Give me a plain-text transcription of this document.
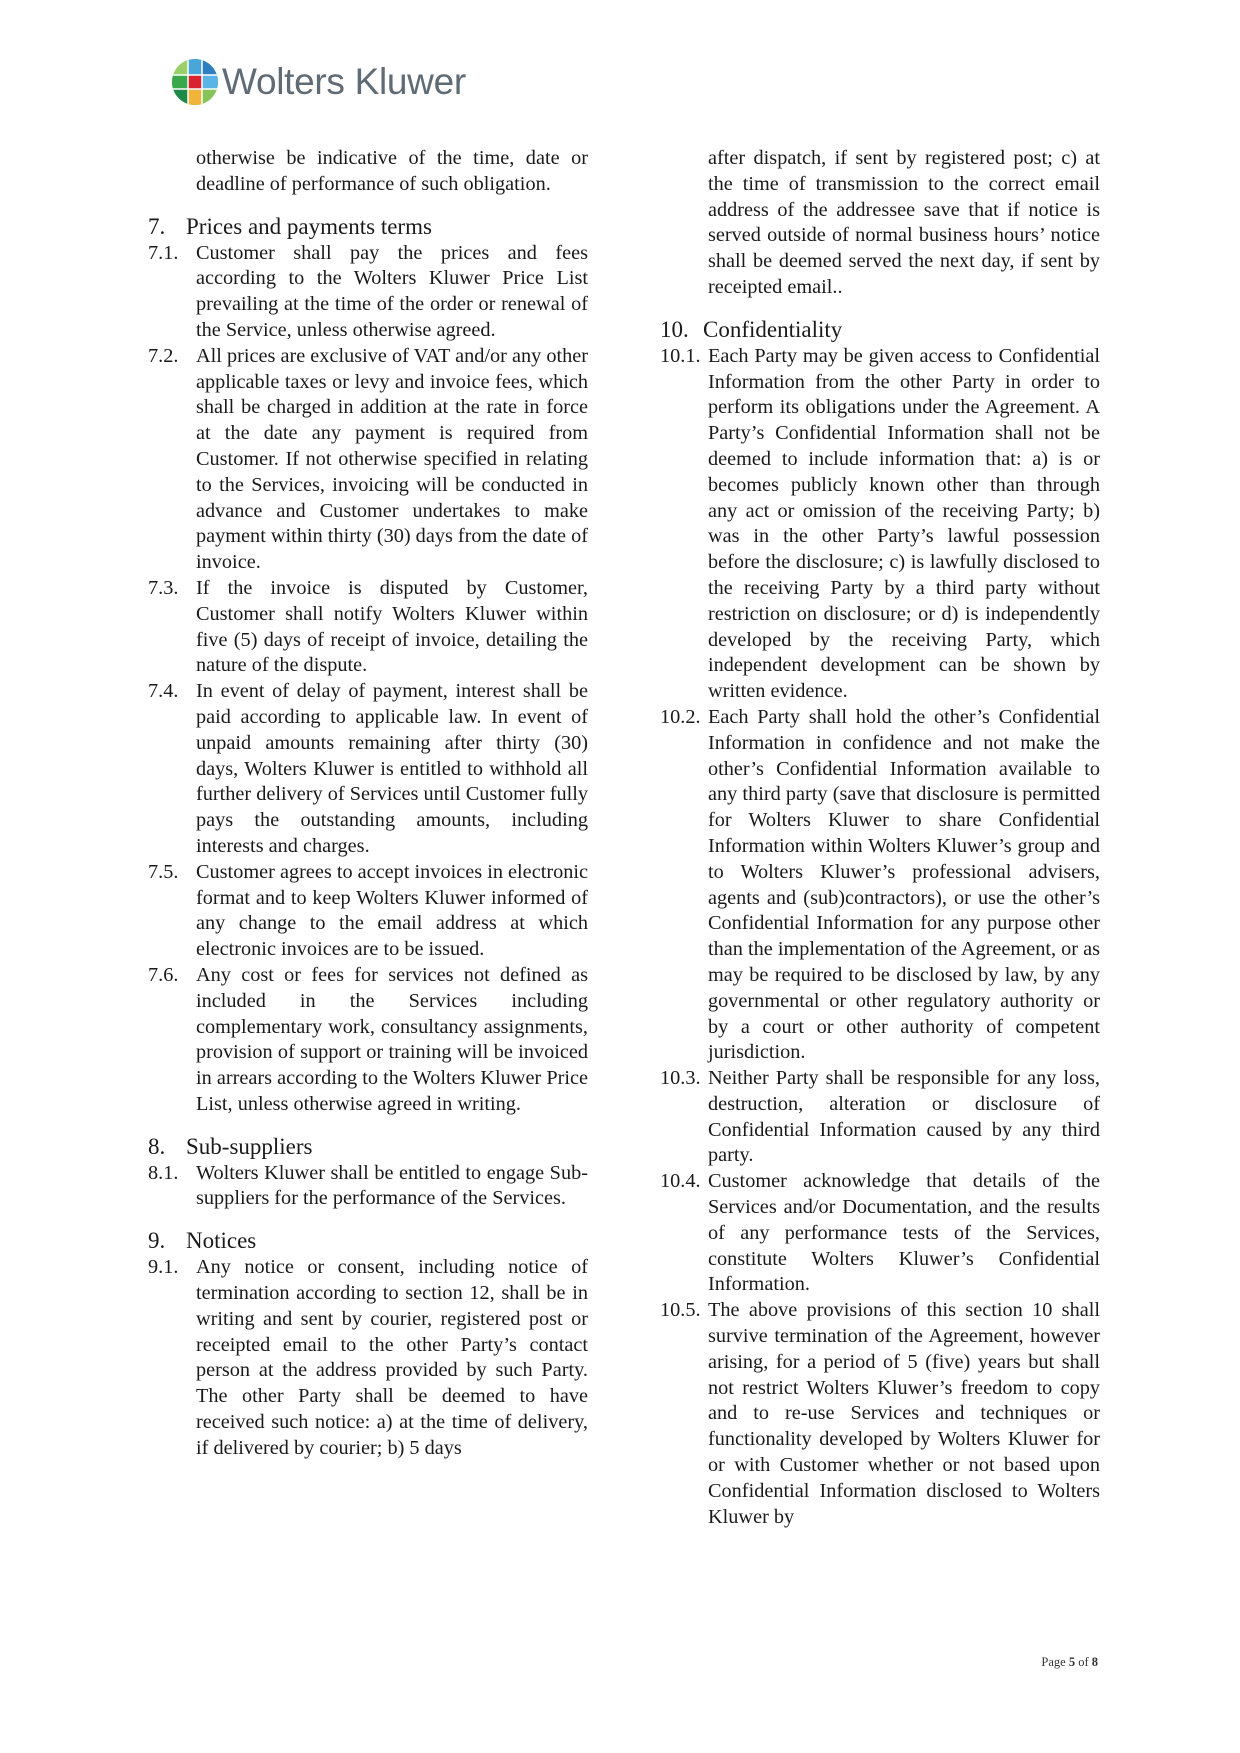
Wolters Kluwer
otherwise be indicative of the time, date or deadline of performance of such obligation.
7. Prices and payments terms
7.1. Customer shall pay the prices and fees according to the Wolters Kluwer Price List prevailing at the time of the order or renewal of the Service, unless otherwise agreed.
7.2. All prices are exclusive of VAT and/or any other applicable taxes or levy and invoice fees, which shall be charged in addition at the rate in force at the date any payment is required from Customer. If not otherwise specified in relating to the Services, invoicing will be conducted in advance and Customer undertakes to make payment within thirty (30) days from the date of invoice.
7.3. If the invoice is disputed by Customer, Customer shall notify Wolters Kluwer within five (5) days of receipt of invoice, detailing the nature of the dispute.
7.4. In event of delay of payment, interest shall be paid according to applicable law. In event of unpaid amounts remaining after thirty (30) days, Wolters Kluwer is entitled to withhold all further delivery of Services until Customer fully pays the outstanding amounts, including interests and charges.
7.5. Customer agrees to accept invoices in electronic format and to keep Wolters Kluwer informed of any change to the email address at which electronic invoices are to be issued.
7.6. Any cost or fees for services not defined as included in the Services including complementary work, consultancy assignments, provision of support or training will be invoiced in arrears according to the Wolters Kluwer Price List, unless otherwise agreed in writing.
8. Sub-suppliers
8.1. Wolters Kluwer shall be entitled to engage Sub-suppliers for the performance of the Services.
9. Notices
9.1. Any notice or consent, including notice of termination according to section 12, shall be in writing and sent by courier, registered post or receipted email to the other Party’s contact person at the address provided by such Party. The other Party shall be deemed to have received such notice: a) at the time of delivery, if delivered by courier; b) 5 days
after dispatch, if sent by registered post; c) at the time of transmission to the correct email address of the addressee save that if notice is served outside of normal business hours’ notice shall be deemed served the next day, if sent by receipted email..
10. Confidentiality
10.1. Each Party may be given access to Confidential Information from the other Party in order to perform its obligations under the Agreement. A Party’s Confidential Information shall not be deemed to include information that: a) is or becomes publicly known other than through any act or omission of the receiving Party; b) was in the other Party’s lawful possession before the disclosure; c) is lawfully disclosed to the receiving Party by a third party without restriction on disclosure; or d) is independently developed by the receiving Party, which independent development can be shown by written evidence.
10.2. Each Party shall hold the other’s Confidential Information in confidence and not make the other’s Confidential Information available to any third party (save that disclosure is permitted for Wolters Kluwer to share Confidential Information within Wolters Kluwer’s group and to Wolters Kluwer’s professional advisers, agents and (sub)contractors), or use the other’s Confidential Information for any purpose other than the implementation of the Agreement, or as may be required to be disclosed by law, by any governmental or other regulatory authority or by a court or other authority of competent jurisdiction.
10.3. Neither Party shall be responsible for any loss, destruction, alteration or disclosure of Confidential Information caused by any third party.
10.4. Customer acknowledge that details of the Services and/or Documentation, and the results of any performance tests of the Services, constitute Wolters Kluwer’s Confidential Information.
10.5. The above provisions of this section 10 shall survive termination of the Agreement, however arising, for a period of 5 (five) years but shall not restrict Wolters Kluwer’s freedom to copy and to re-use Services and techniques or functionality developed by Wolters Kluwer for or with Customer whether or not based upon Confidential Information disclosed to Wolters Kluwer by
Page 5 of 8
